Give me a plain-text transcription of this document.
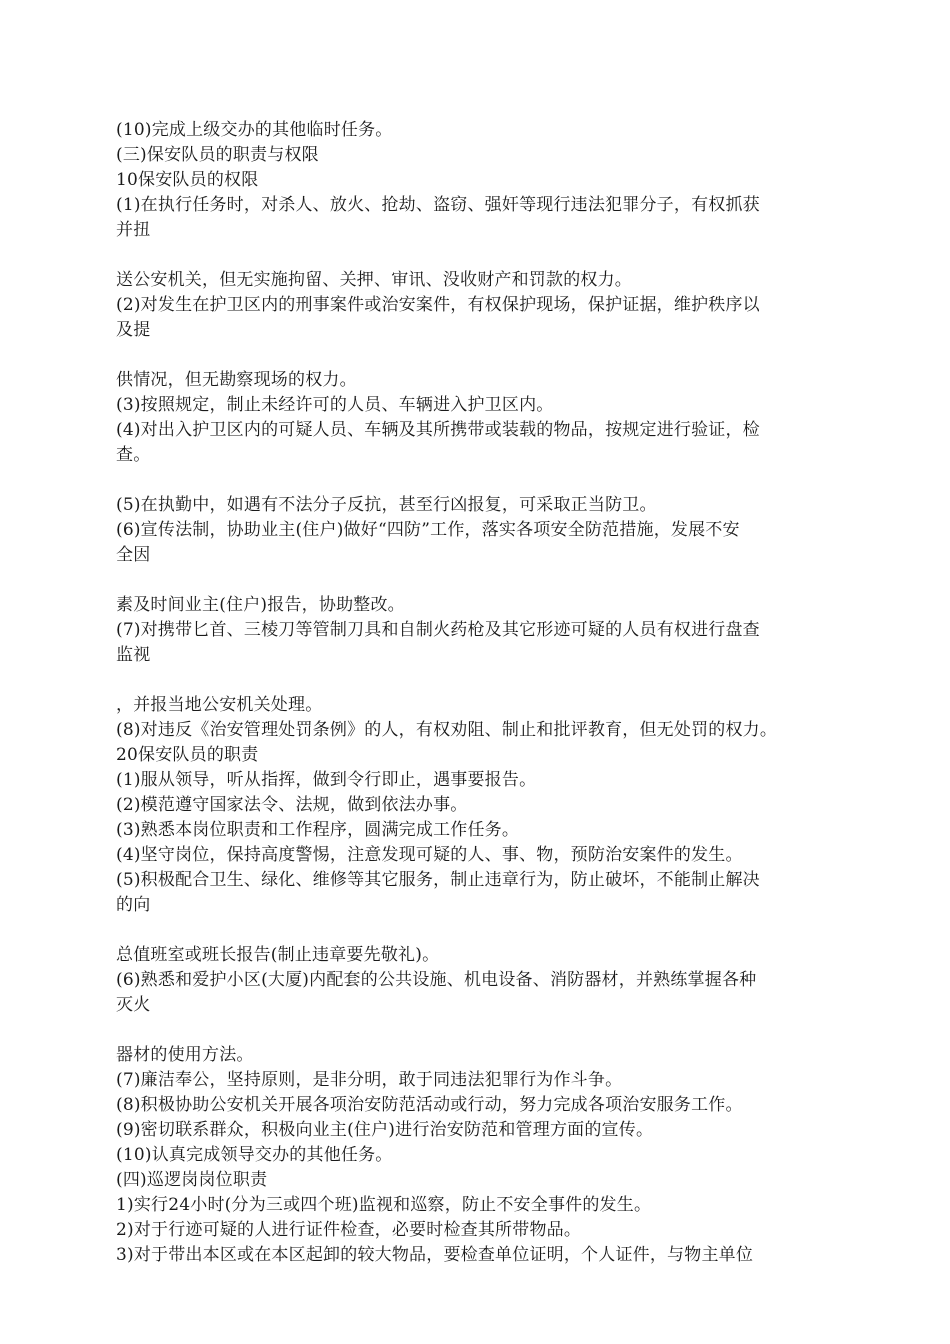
(10)完成上级交办的其他临时任务。
(三)保安队员的职责与权限
10保安队员的权限
(1)在执行任务时，对杀人、放火、抢劫、盗窃、强奸等现行违法犯罪分子，有权抓获
并扭
送公安机关，但无实施拘留、关押、审讯、没收财产和罚款的权力。
(2)对发生在护卫区内的刑事案件或治安案件，有权保护现场，保护证据，维护秩序以
及提
供情况，但无勘察现场的权力。
(3)按照规定，制止未经许可的人员、车辆进入护卫区内。
(4)对出入护卫区内的可疑人员、车辆及其所携带或装载的物品，按规定进行验证，检
查。
(5)在执勤中，如遇有不法分子反抗，甚至行凶报复，可采取正当防卫。
(6)宣传法制，协助业主(住户)做好“四防”工作，落实各项安全防范措施，发展不安
全因
素及时间业主(住户)报告，协助整改。
(7)对携带匕首、三棱刀等管制刀具和自制火药枪及其它形迹可疑的人员有权进行盘查
监视
，并报当地公安机关处理。
(8)对违反《治安管理处罚条例》的人，有权劝阻、制止和批评教育，但无处罚的权力。
20保安队员的职责
(1)服从领导，听从指挥，做到令行即止，遇事要报告。
(2)模范遵守国家法令、法规，做到依法办事。
(3)熟悉本岗位职责和工作程序，圆满完成工作任务。
(4)坚守岗位，保持高度警惕，注意发现可疑的人、事、物，预防治安案件的发生。
(5)积极配合卫生、绿化、维修等其它服务，制止违章行为，防止破坏，不能制止解决
的向
总值班室或班长报告(制止违章要先敬礼)。
(6)熟悉和爱护小区(大厦)内配套的公共设施、机电设备、消防器材，并熟练掌握各种
灭火
器材的使用方法。
(7)廉洁奉公，坚持原则，是非分明，敢于同违法犯罪行为作斗争。
(8)积极协助公安机关开展各项治安防范活动或行动，努力完成各项治安服务工作。
(9)密切联系群众，积极向业主(住户)进行治安防范和管理方面的宣传。
(10)认真完成领导交办的其他任务。
(四)巡逻岗岗位职责
1)实行24小时(分为三或四个班)监视和巡察，防止不安全事件的发生。
2)对于行迹可疑的人进行证件检查，必要时检查其所带物品。
3)对于带出本区或在本区起卸的较大物品，要检查单位证明，个人证件，与物主单位
